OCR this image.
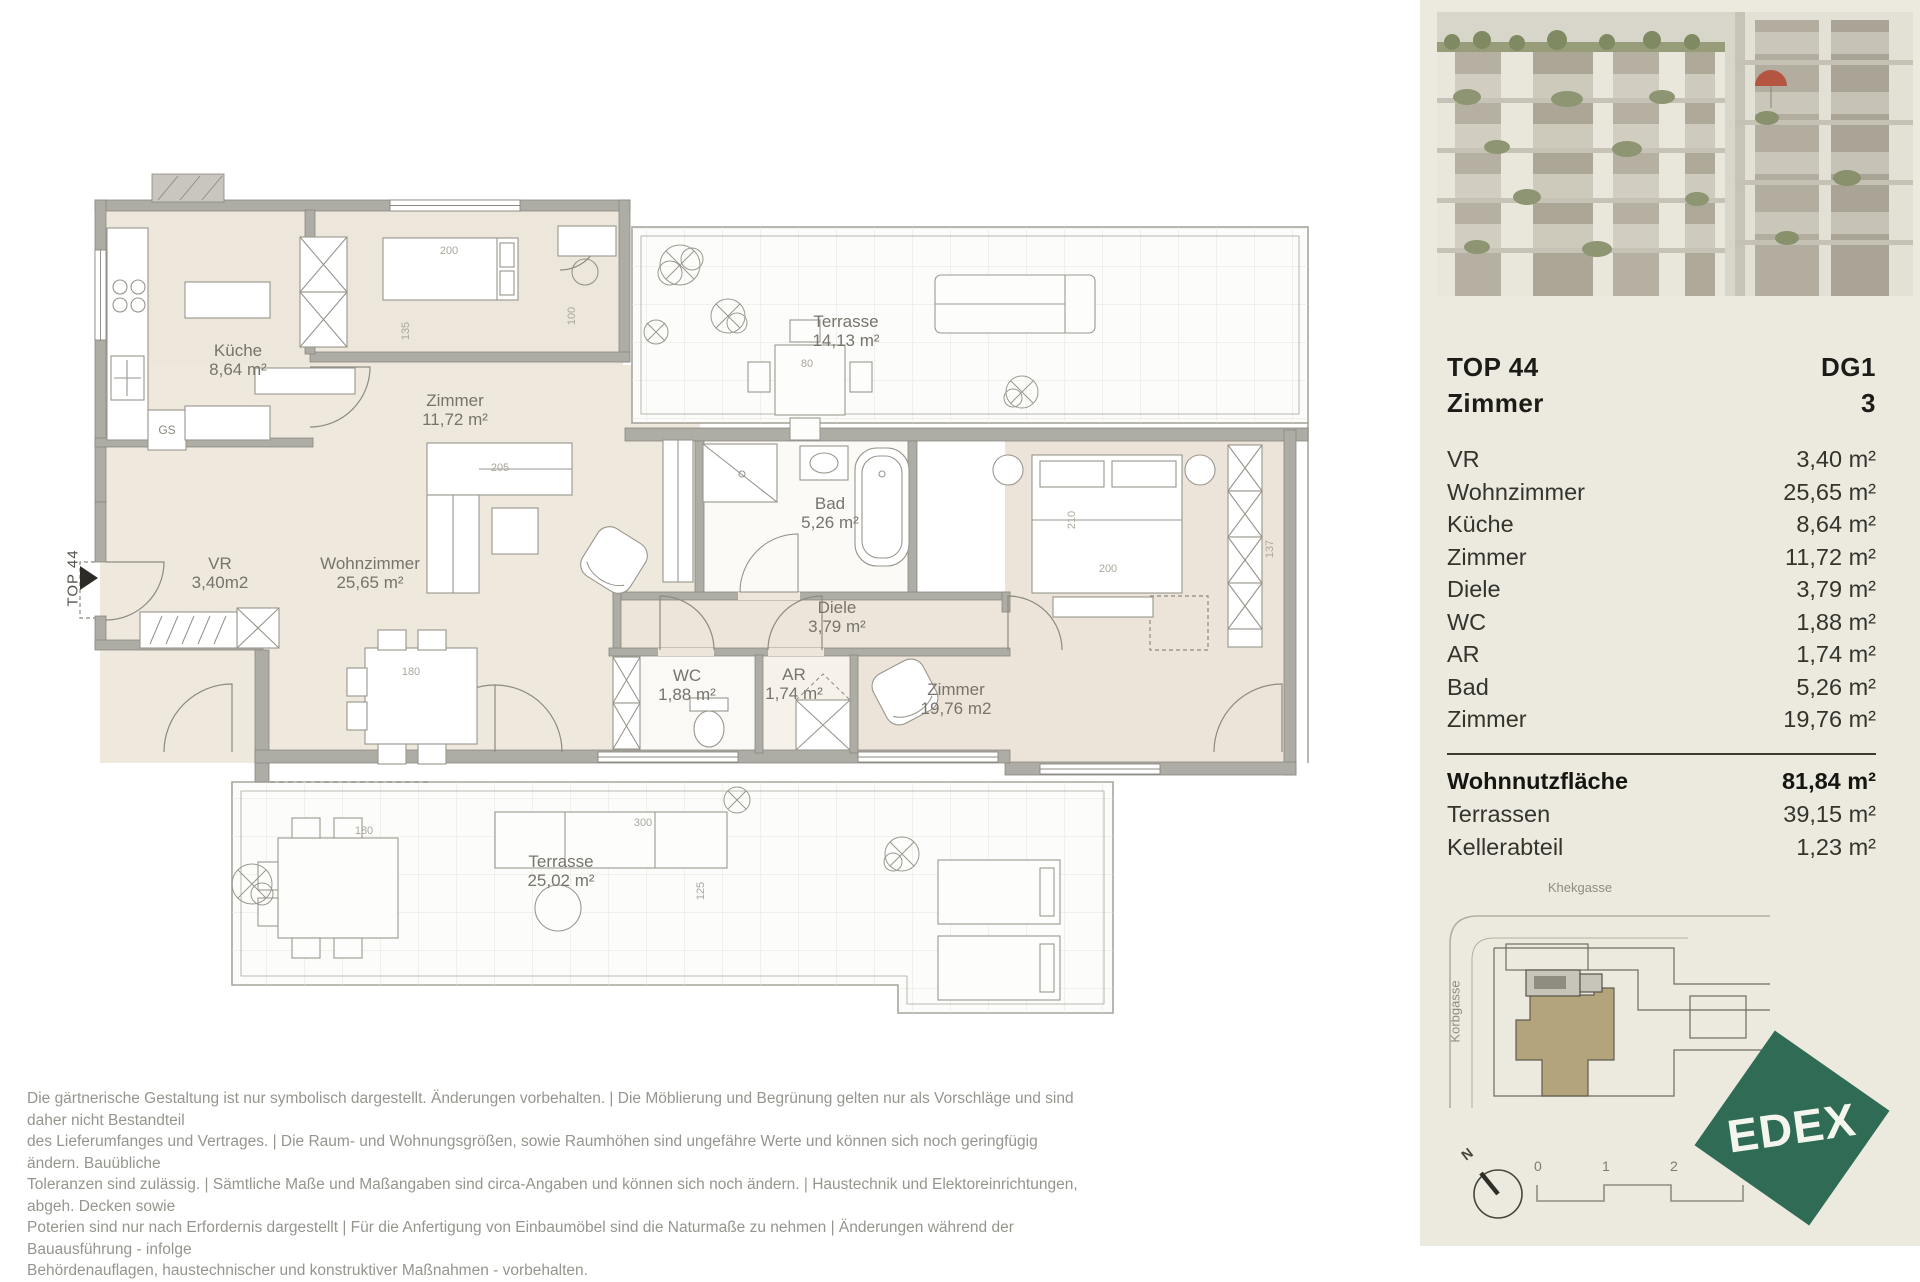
Küche
8,64 m²
Zimmer
11,72 m²
Terrasse
14,13 m²
VR
3,40m2
Wohnzimmer
25,65 m²
Bad
5,26 m²
Diele
3,79 m²
WC
1,88 m²
AR
1,74 m²	Zimmer
19,76 m2
Terrasse
25,02 m²
GS
TOP 44
200
135
100
205
180
80
210
200
137
300
180
125
TOP 44	DG1
Zimmer	3
VR	3,40 m²
Wohnzimmer	25,65 m²
Küche	8,64 m²
Zimmer	11,72 m²
Diele	3,79 m²
WC	1,88 m²
AR	1,74 m²
Bad	5,26 m²
Zimmer	19,76 m²
Wohnnutzfläche	81,84 m²
Terrassen	39,15 m²
Kellerabteil	1,23 m²
Khekgasse
Korbgasse
N
0	1	2
EDEX
Die gärtnerische Gestaltung ist nur symbolisch dargestellt. Änderungen vorbehalten. | Die Möblierung und Begrünung gelten nur als Vorschläge und sind daher nicht Bestandteil
des Lieferumfanges und Vertrages. | Die Raum- und Wohnungsgrößen, sowie Raumhöhen sind ungefähre Werte und können sich noch geringfügig ändern. Bauübliche
Toleranzen sind zulässig. | Sämtliche Maße und Maßangaben sind circa-Angaben und können sich noch ändern. | Haustechnik und Elektoreinrichtungen, abgeh. Decken sowie
Poterien sind nur nach Erfordernis dargestellt | Für die Anfertigung von Einbaumöbel sind die Naturmaße zu nehmen | Änderungen während der Bauausführung - infolge
Behördenauflagen, haustechnischer und konstruktiver Maßnahmen - vorbehalten.
